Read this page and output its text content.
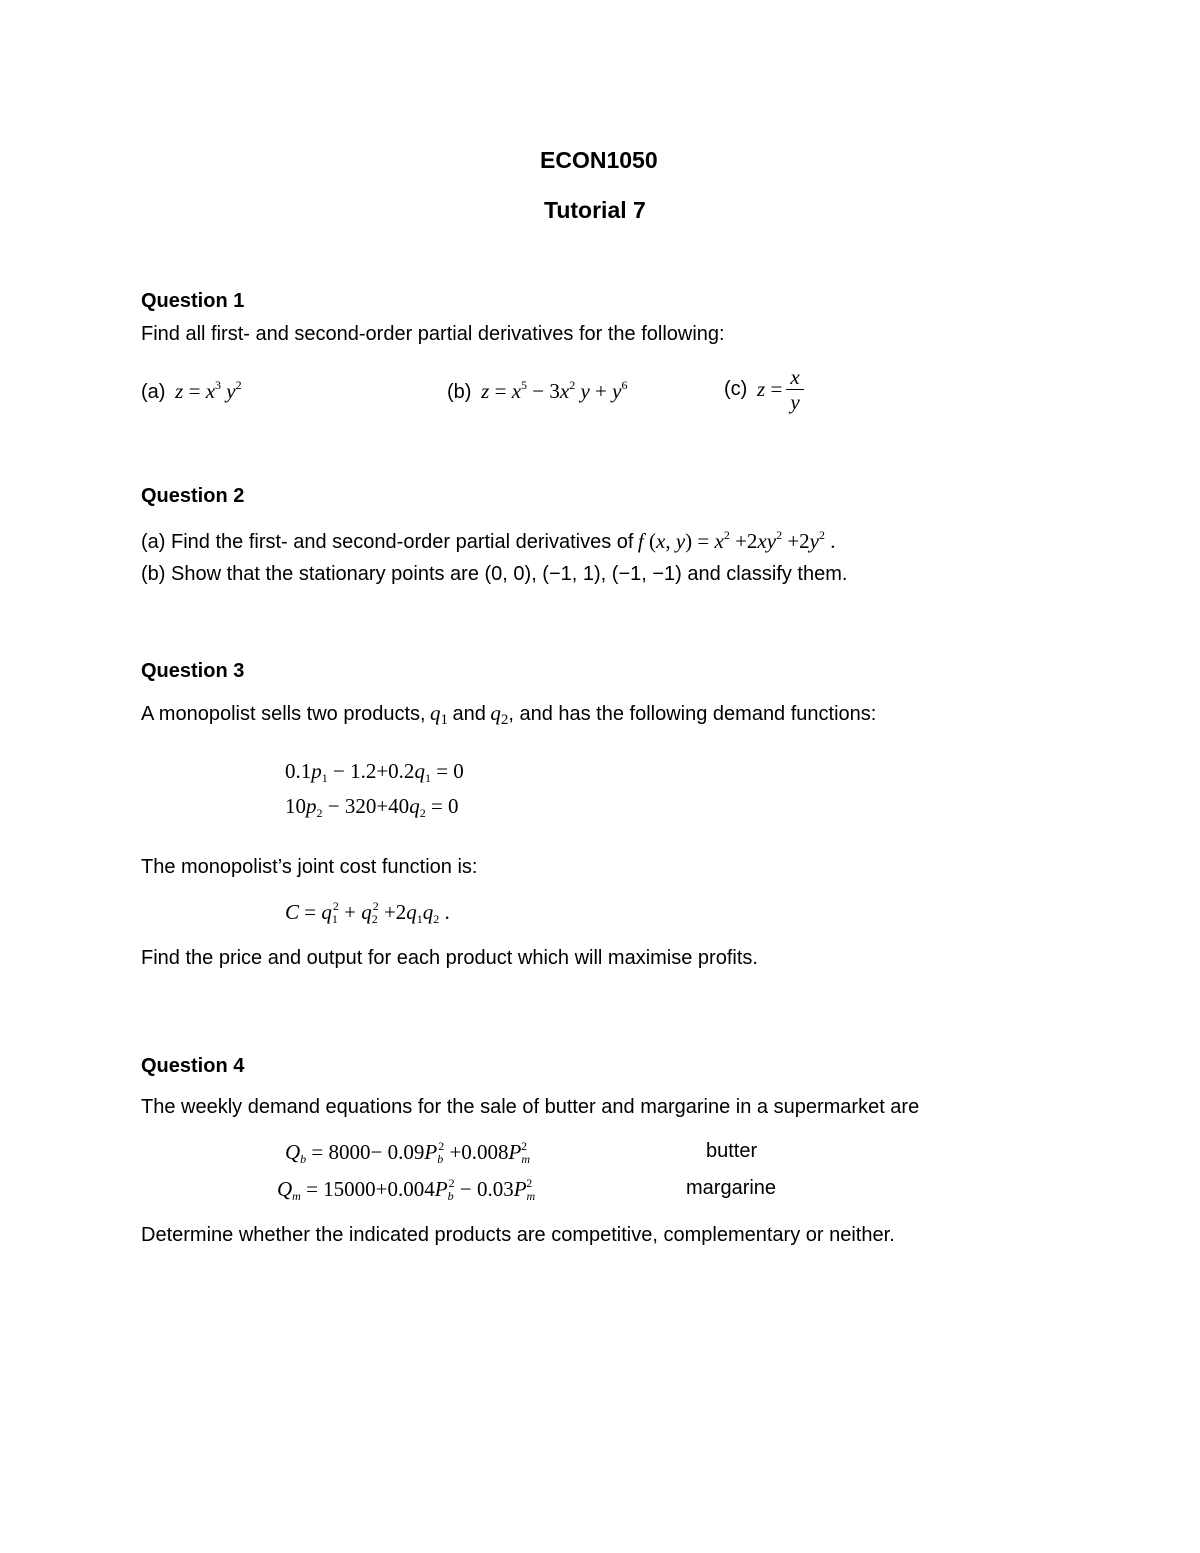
ECON1050
Tutorial 7
Question 1
Find all first- and second-order partial derivatives for the following:
(a) $z = x^3$ $y^2$	(b) $z = x^5 - 3x^2$ $y + y^6$	(c) $z = \frac{x}{y}$
Question 2
(a) Find the first- and second-order partial derivatives of f (x, $y) = x^2 +2xy^2 +2y^2$ .
(b) Show that the stationary points are (0, 0), (−1, 1), (−1, −1) and classify them.
Question 3
A monopolist sells two products, $q_1$ and $q_2$, and has the following demand functions:
$0.1p_1 - 1.2+0.2q_1 = 0$
$10p_2 - 320+40q_2 = 0$
The monopolist’s joint cost function is:
$C = q_1^2 + q_2^2 +2q_1q_2$ .
Find the price and output for each product which will maximise profits.
Question 4
The weekly demand equations for the sale of butter and margarine in a supermarket are
$Q_b = 8000- 0.09P_b^2 +0.008P_m^2$	butter
$Q_m = 15000+0.004P_b^2 - 0.03P_m^2$	margarine
Determine whether the indicated products are competitive, complementary or neither.
